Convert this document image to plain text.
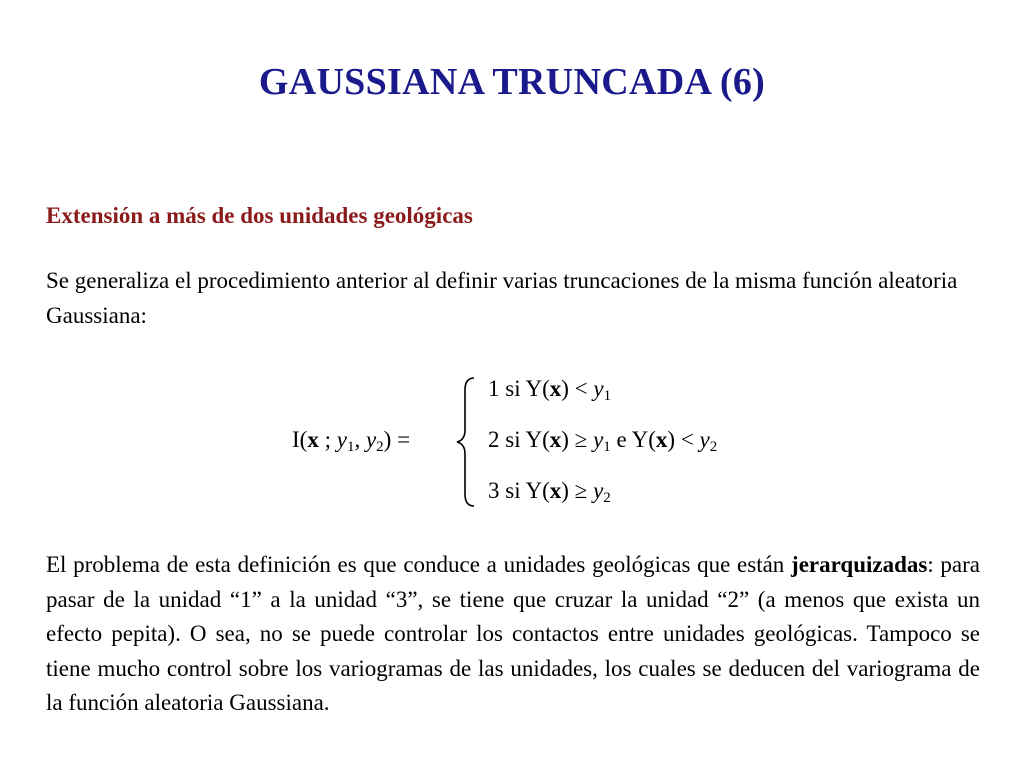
GAUSSIANA TRUNCADA (6)
Extensión a más de dos unidades geológicas
Se generaliza el procedimiento anterior al definir varias truncaciones de la misma función aleatoria Gaussiana:
I(x ; $y_1$, $y_2$) =
1 si $Y(x) < y_1$
2 si $Y(x) \ge y_1$ e $Y(x) < y_2$
3 si $Y(x) \ge y_2$
El problema de esta definición es que conduce a unidades geológicas que están jerarquizadas: para pasar de la unidad “1” a la unidad “3”, se tiene que cruzar la unidad “2” (a menos que exista un efecto pepita). O sea, no se puede controlar los contactos entre unidades geológicas. Tampoco se tiene mucho control sobre los variogramas de las unidades, los cuales se deducen del variograma de la función aleatoria Gaussiana.
